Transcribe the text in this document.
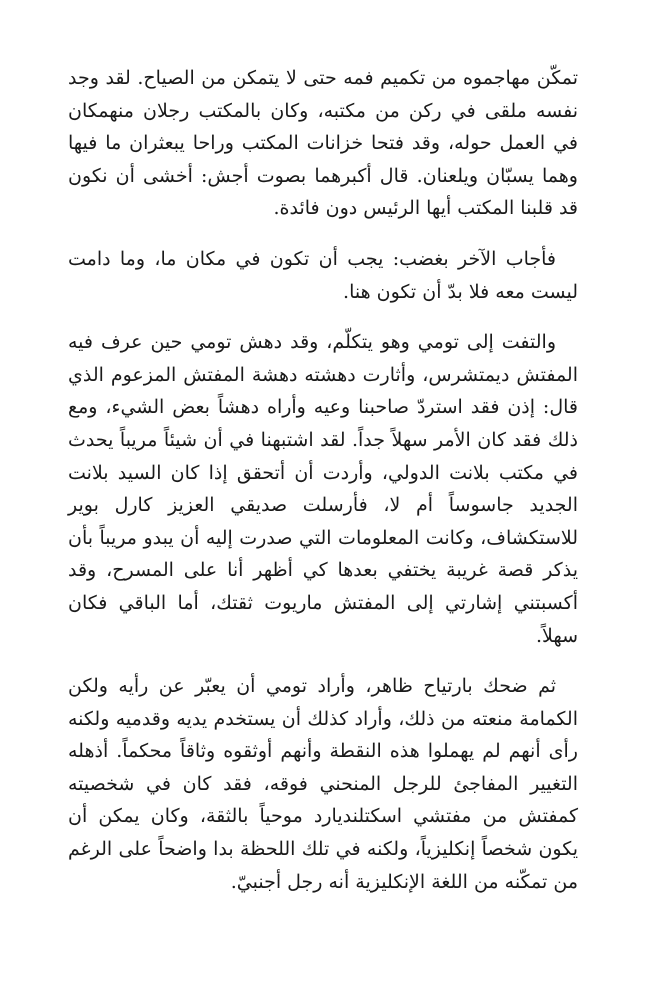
تمكّن مهاجموه من تكميم فمه حتى لا يتمكن من الصياح. لقد وجد نفسه ملقى في ركن من مكتبه، وكان بالمكتب رجلان منهمكان في العمل حوله، وقد فتحا خزانات المكتب وراحا يبعثران ما فيها وهما يسبّان ويلعنان. قال أكبرهما بصوت أجش: أخشى أن نكون قد قلبنا المكتب أيها الرئيس دون فائدة.

فأجاب الآخر بغضب: يجب أن تكون في مكان ما، وما دامت ليست معه فلا بدّ أن تكون هنا.

والتفت إلى تومي وهو يتكلّم، وقد دهش تومي حين عرف فيه المفتش ديمتشرس، وأثارت دهشته دهشة المفتش المزعوم الذي قال: إذن فقد استردّ صاحبنا وعيه وأراه دهشاً بعض الشيء، ومع ذلك فقد كان الأمر سهلاً جداً. لقد اشتبهنا في أن شيئاً مريباً يحدث في مكتب بلانت الدولي، وأردت أن أتحقق إذا كان السيد بلانت الجديد جاسوساً أم لا، فأرسلت صديقي العزيز كارل بوير للاستكشاف، وكانت المعلومات التي صدرت إليه أن يبدو مريباً بأن يذكر قصة غريبة يختفي بعدها كي أظهر أنا على المسرح، وقد أكسبتني إشارتي إلى المفتش ماريوت ثقتك، أما الباقي فكان سهلاً.

ثم ضحك بارتياح ظاهر، وأراد تومي أن يعبّر عن رأيه ولكن الكمامة منعته من ذلك، وأراد كذلك أن يستخدم يديه وقدميه ولكنه رأى أنهم لم يهملوا هذه النقطة وأنهم أوثقوه وثاقاً محكماً. أذهله التغيير المفاجئ للرجل المنحني فوقه، فقد كان في شخصيته كمفتش من مفتشي اسكتلنديارد موحياً بالثقة، وكان يمكن أن يكون شخصاً إنكليزياً، ولكنه في تلك اللحظة بدا واضحاً على الرغم من تمكّنه من اللغة الإنكليزية أنه رجل أجنبيّ.
